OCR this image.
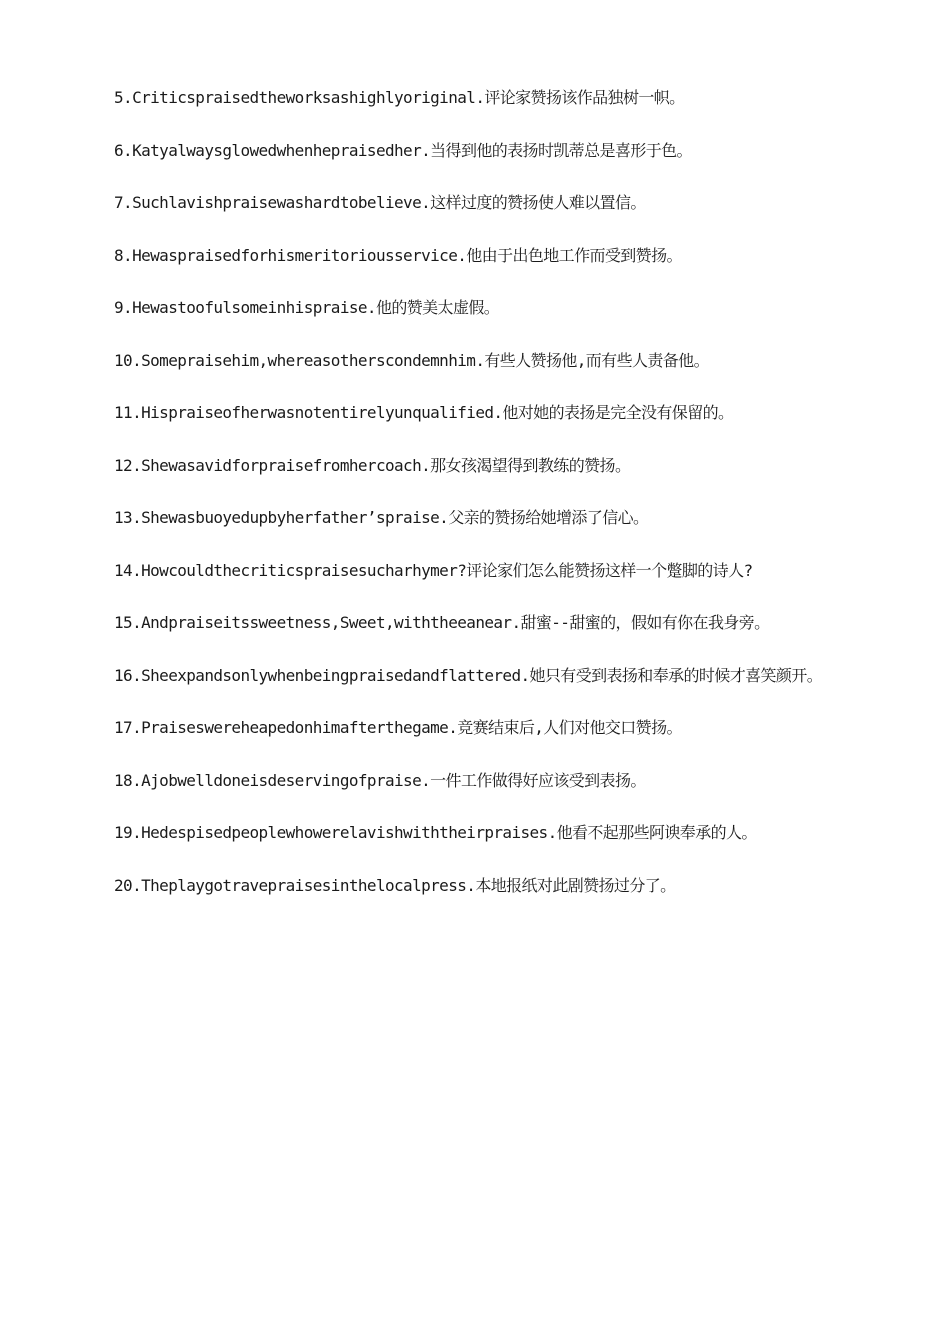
5.Criticspraisedtheworksashighlyoriginal.评论家赞扬该作品独树一帜。

6.Katyalwaysglowedwhenhepraisedher.当得到他的表扬时凯蒂总是喜形于色。

7.Suchlavishpraisewashardtobelieve.这样过度的赞扬使人难以置信。

8.Hewaspraisedforhismeritoriousservice.他由于出色地工作而受到赞扬。

9.Hewastoofulsomeinhispraise.他的赞美太虚假。

10.Somepraisehim,whereasotherscondemnhim.有些人赞扬他,而有些人责备他。

11.Hispraiseofherwasnotentirelyunqualified.他对她的表扬是完全没有保留的。

12.Shewasavidforpraisefromhercoach.那女孩渴望得到教练的赞扬。

13.Shewasbuoyedupbyherfather’spraise.父亲的赞扬给她增添了信心。

14.Howcouldthecriticspraisesucharhymer?评论家们怎么能赞扬这样一个蹩脚的诗人?

15.Andpraiseitssweetness,Sweet,withtheeanear.甜蜜--甜蜜的，假如有你在我身旁。

16.Sheexpandsonlywhenbeingpraisedandflattered.她只有受到表扬和奉承的时候才喜笑颜开。

17.Praiseswereheapedonhimafterthegame.竞赛结束后,人们对他交口赞扬。

18.Ajobwelldoneisdeservingofpraise.一件工作做得好应该受到表扬。

19.Hedespisedpeoplewhowerelavishwiththeirpraises.他看不起那些阿谀奉承的人。

20.Theplaygotravepraisesinthelocalpress.本地报纸对此剧赞扬过分了。
